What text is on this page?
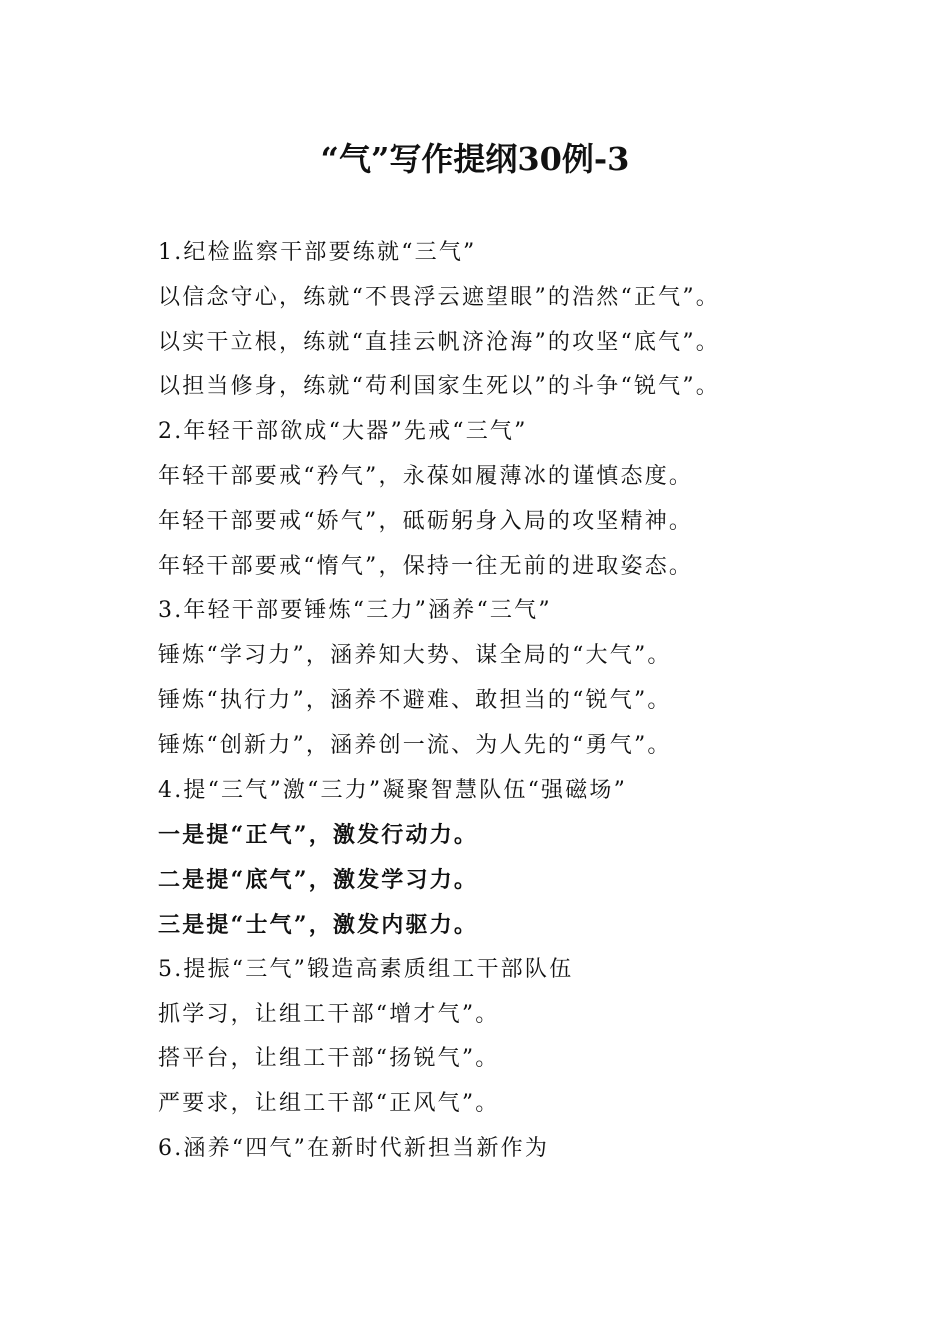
“气”写作提纲30例-3
1.纪检监察干部要练就“三气”
以信念守心，练就“不畏浮云遮望眼”的浩然“正气”。
以实干立根，练就“直挂云帆济沧海”的攻坚“底气”。
以担当修身，练就“苟利国家生死以”的斗争“锐气”。
2.年轻干部欲成“大器”先戒“三气”
年轻干部要戒“矜气”，永葆如履薄冰的谨慎态度。
年轻干部要戒“娇气”，砥砺躬身入局的攻坚精神。
年轻干部要戒“惰气”，保持一往无前的进取姿态。
3.年轻干部要锤炼“三力”涵养“三气”
锤炼“学习力”，涵养知大势、谋全局的“大气”。
锤炼“执行力”，涵养不避难、敢担当的“锐气”。
锤炼“创新力”，涵养创一流、为人先的“勇气”。
4.提“三气”激“三力”凝聚智慧队伍“强磁场”
一是提“正气”，激发行动力。
二是提“底气”，激发学习力。
三是提“士气”，激发内驱力。
5.提振“三气”锻造高素质组工干部队伍
抓学习，让组工干部“增才气”。
搭平台，让组工干部“扬锐气”。
严要求，让组工干部“正风气”。
6.涵养“四气”在新时代新担当新作为
